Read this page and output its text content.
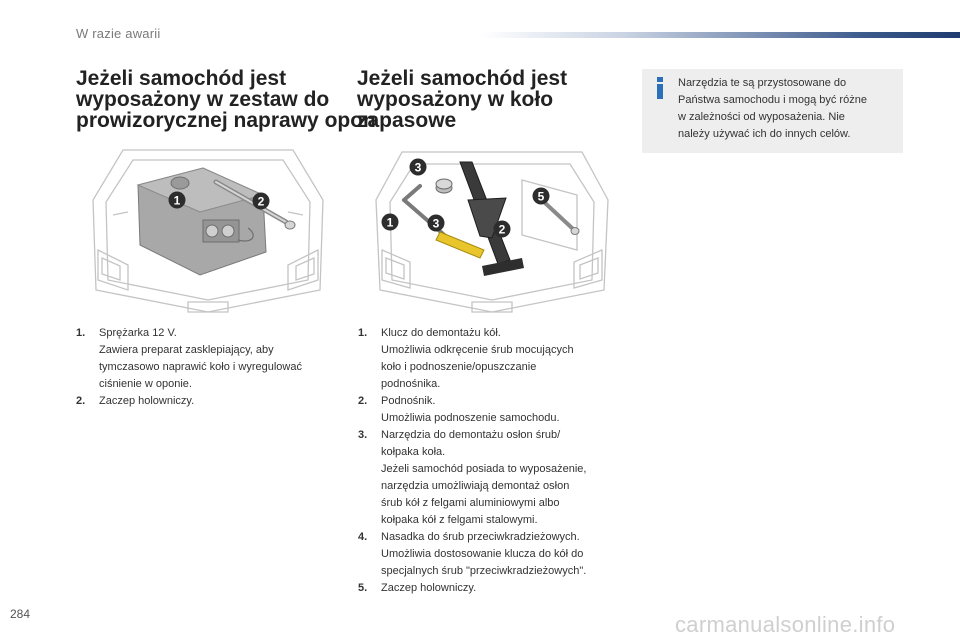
W razie awarii
Jeżeli samochód jest
wyposażony w zestaw do
prowizorycznej naprawy opon
Jeżeli samochód jest
wyposażony w koło
zapasowe
Narzędzia te są przystosowane do
Państwa samochodu i mogą być różne
w zależności od wyposażenia. Nie
należy używać ich do innych celów.
1	2
3
1	3	2
5
1. Sprężarka 12 V.
Zawiera preparat zasklepiający, aby
tymczasowo naprawić koło i wyregulować
ciśnienie w oponie.
2. Zaczep holowniczy.
1. Klucz do demontażu kół.
Umożliwia odkręcenie śrub mocujących
koło i podnoszenie/opuszczanie
podnośnika.
2. Podnośnik.
Umożliwia podnoszenie samochodu.
3. Narzędzia do demontażu osłon śrub/
kołpaka koła.
Jeżeli samochód posiada to wyposażenie,
narzędzia umożliwiają demontaż osłon
śrub kół z felgami aluminiowymi albo
kołpaka kół z felgami stalowymi.
4. Nasadka do śrub przeciwkradzieżowych.
Umożliwia dostosowanie klucza do kół do
specjalnych śrub "przeciwkradzieżowych".
5. Zaczep holowniczy.
284	carmanualsonline.info
